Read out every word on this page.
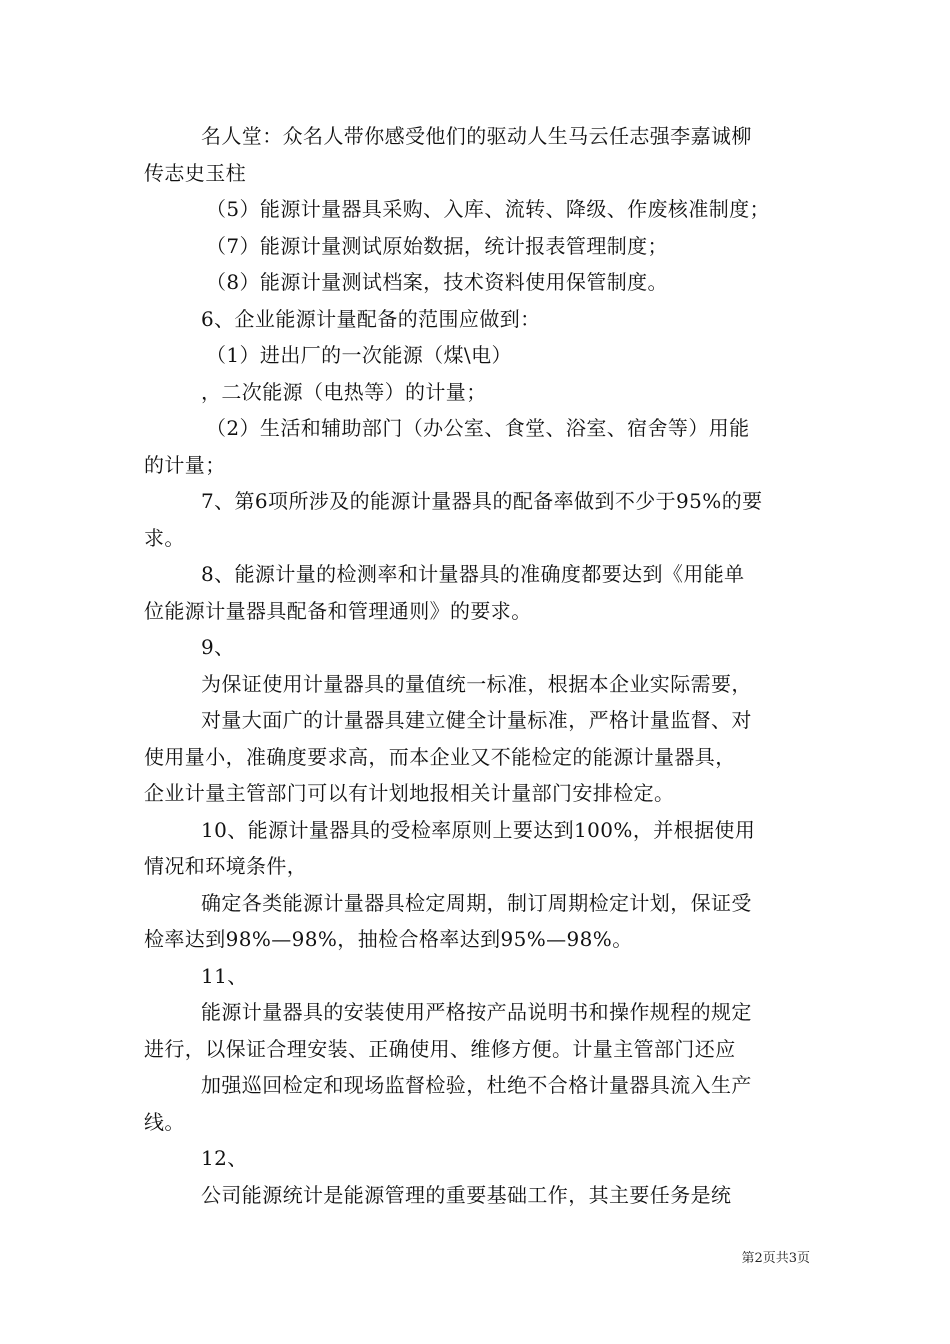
名人堂：众名人带你感受他们的驱动人生马云任志强李嘉诚柳
传志史玉柱
（5）能源计量器具采购、入库、流转、降级、作废核准制度；
（7）能源计量测试原始数据，统计报表管理制度；
（8）能源计量测试档案，技术资料使用保管制度。
6、企业能源计量配备的范围应做到：
（1）进出厂的一次能源（煤\电）
，二次能源（电热等）的计量；
（2）生活和辅助部门（办公室、食堂、浴室、宿舍等）用能
的计量；
7、第6项所涉及的能源计量器具的配备率做到不少于95%的要
求。
8、能源计量的检测率和计量器具的准确度都要达到《用能单
位能源计量器具配备和管理通则》的要求。
9、
为保证使用计量器具的量值统一标准，根据本企业实际需要，
对量大面广的计量器具建立健全计量标准，严格计量监督、对
使用量小，准确度要求高，而本企业又不能检定的能源计量器具，
企业计量主管部门可以有计划地报相关计量部门安排检定。
10、能源计量器具的受检率原则上要达到100%，并根据使用
情况和环境条件，
确定各类能源计量器具检定周期，制订周期检定计划，保证受
检率达到98%—98%，抽检合格率达到95%—98%。
11、
能源计量器具的安装使用严格按产品说明书和操作规程的规定
进行，以保证合理安装、正确使用、维修方便。计量主管部门还应
加强巡回检定和现场监督检验，杜绝不合格计量器具流入生产
线。
12、
公司能源统计是能源管理的重要基础工作，其主要任务是统
第2页共3页
